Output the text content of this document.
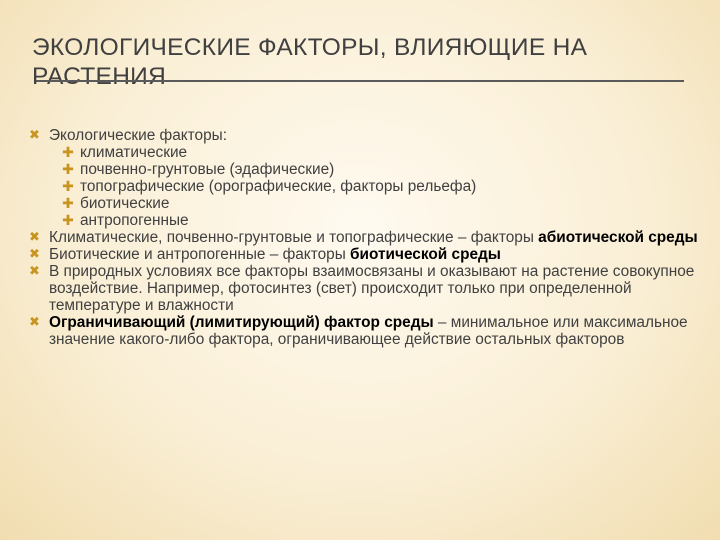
ЭКОЛОГИЧЕСКИЕ ФАКТОРЫ, ВЛИЯЮЩИЕ НА РАСТЕНИЯ
✖ Экологические факторы:
✚ климатические
✚ почвенно-грунтовые (эдафические)
✚ топографические (орографические, факторы рельефа)
✚ биотические
✚ антропогенные
✖ Климатические, почвенно-грунтовые и топографические – факторы абиотической среды
✖ Биотические и антропогенные – факторы биотической среды
✖ В природных условиях все факторы взаимосвязаны и оказывают на растение совокупное воздействие. Например, фотосинтез (свет) происходит только при определенной температуре и влажности
✖ Ограничивающий (лимитирующий) фактор среды – минимальное или максимальное значение какого-либо фактора, ограничивающее действие остальных факторов
